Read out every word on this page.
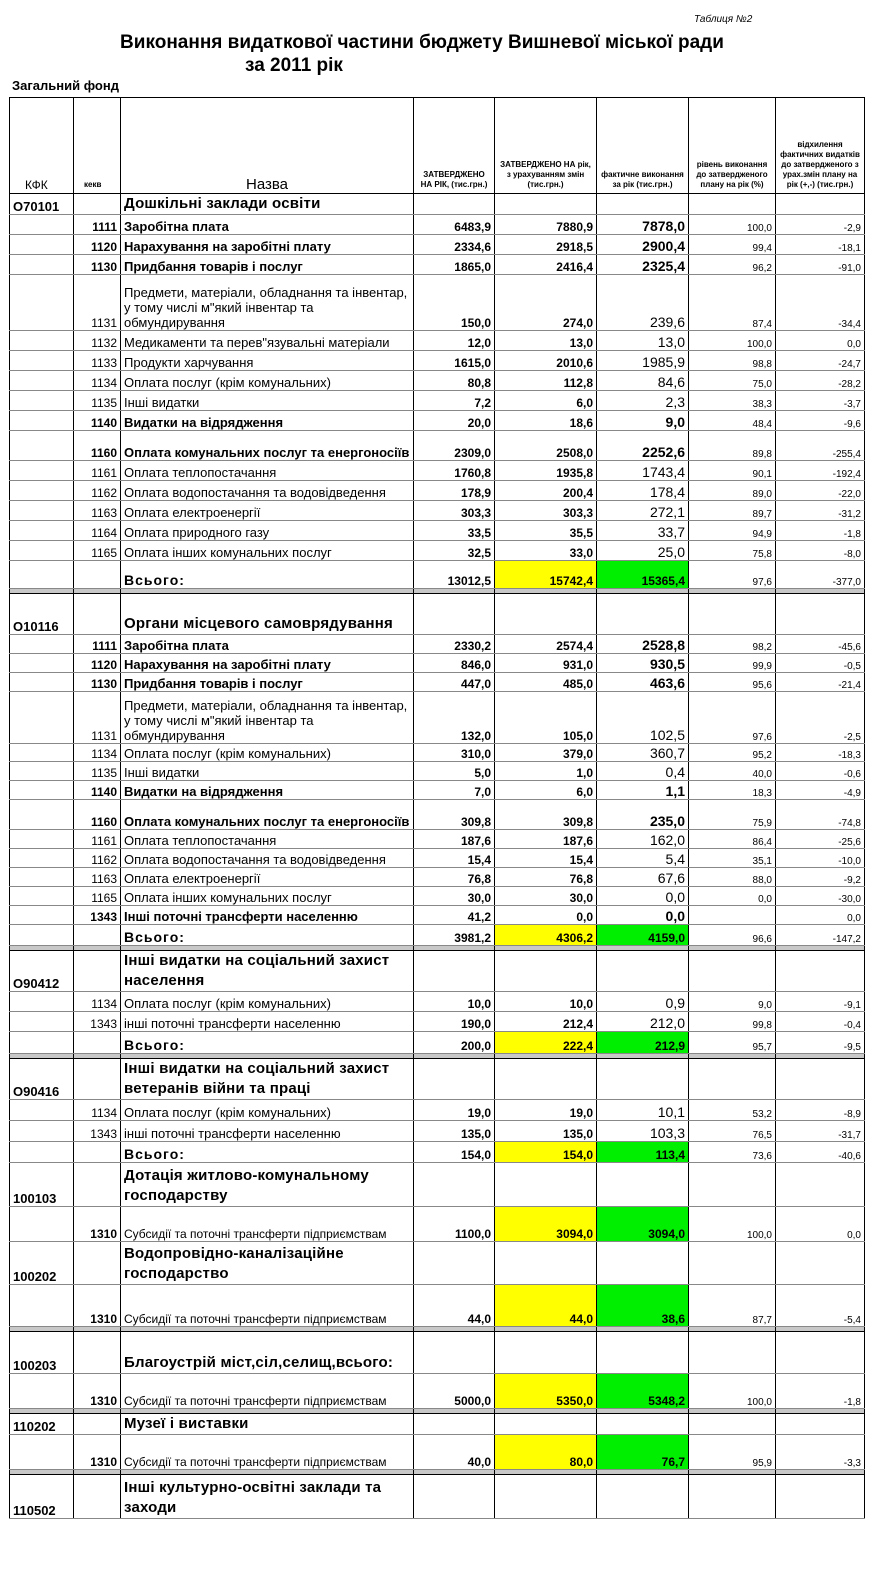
Таблиця №2
Виконання видаткової частини бюджету Вишневої міської ради
за 2011 рік
Загальний фонд
КФК	кекв	Назва	ЗАТВЕРДЖЕНО НА РІК, (тис.грн.)	ЗАТВЕРДЖЕНО НА рік, з урахуванням змін (тис.грн.)	фактичне виконання за рік (тис.грн.)	рівень виконання до затвердженого плану на рік (%)	відхилення фактичних видатків до затвердженого з урах.змін плану на рік (+,-) (тис.грн.)
О70101		Дошкільні заклади освіти					
	1111	Заробітна плата	6483,9	7880,9	7878,0	100,0	-2,9
	1120	Нарахування на заробітні плату	2334,6	2918,5	2900,4	99,4	-18,1
	1130	Придбання товарів і послуг	1865,0	2416,4	2325,4	96,2	-91,0
	1131	Предмети, матеріали, обладнання та інвентар, у тому числі м"який інвентар та обмундирування	150,0	274,0	239,6	87,4	-34,4
	1132	Медикаменти та перев"язувальні матеріали	12,0	13,0	13,0	100,0	0,0
	1133	Продукти харчування	1615,0	2010,6	1985,9	98,8	-24,7
	1134	Оплата послуг (крім комунальних)	80,8	112,8	84,6	75,0	-28,2
	1135	Інші видатки	7,2	6,0	2,3	38,3	-3,7
	1140	Видатки на відрядження	20,0	18,6	9,0	48,4	-9,6
	1160	Оплата комунальних послуг та енергоносіїв	2309,0	2508,0	2252,6	89,8	-255,4
	1161	Оплата теплопостачання	1760,8	1935,8	1743,4	90,1	-192,4
	1162	Оплата водопостачання та водовідведення	178,9	200,4	178,4	89,0	-22,0
	1163	Оплата електроенергії	303,3	303,3	272,1	89,7	-31,2
	1164	Оплата природного газу	33,5	35,5	33,7	94,9	-1,8
	1165	Оплата інших комунальних послуг	32,5	33,0	25,0	75,8	-8,0
		Всього:	13012,5	15742,4	15365,4	97,6	-377,0

О10116		Органи місцевого самоврядування					
	1111	Заробітна плата	2330,2	2574,4	2528,8	98,2	-45,6
	1120	Нарахування на заробітні плату	846,0	931,0	930,5	99,9	-0,5
	1130	Придбання товарів і послуг	447,0	485,0	463,6	95,6	-21,4
	1131	Предмети, матеріали, обладнання та інвентар, у тому числі м"який інвентар та обмундирування	132,0	105,0	102,5	97,6	-2,5
	1134	Оплата послуг (крім комунальних)	310,0	379,0	360,7	95,2	-18,3
	1135	Інші видатки	5,0	1,0	0,4	40,0	-0,6
	1140	Видатки на відрядження	7,0	6,0	1,1	18,3	-4,9
	1160	Оплата комунальних послуг та енергоносіїв	309,8	309,8	235,0	75,9	-74,8
	1161	Оплата теплопостачання	187,6	187,6	162,0	86,4	-25,6
	1162	Оплата водопостачання та водовідведення	15,4	15,4	5,4	35,1	-10,0
	1163	Оплата електроенергії	76,8	76,8	67,6	88,0	-9,2
	1165	Оплата інших комунальних послуг	30,0	30,0	0,0	0,0	-30,0
	1343	Інші поточні трансферти населенню	41,2	0,0	0,0		0,0
		Всього:	3981,2	4306,2	4159,0	96,6	-147,2

О90412		Інші видатки на соціальний захист населення					
	1134	Оплата послуг (крім комунальних)	10,0	10,0	0,9	9,0	-9,1
	1343	інші поточні трансферти населенню	190,0	212,4	212,0	99,8	-0,4
		Всього:	200,0	222,4	212,9	95,7	-9,5

О90416		Інші видатки на соціальний захист ветеранів війни та праці					
	1134	Оплата послуг (крім комунальних)	19,0	19,0	10,1	53,2	-8,9
	1343	інші поточні трансферти населенню	135,0	135,0	103,3	76,5	-31,7
		Всього:	154,0	154,0	113,4	73,6	-40,6
100103		Дотація житлово-комунальному господарству					
	1310	Субсидії та поточні трансферти підприємствам	1100,0	3094,0	3094,0	100,0	0,0
100202		Водопровідно-каналізаційне господарство					
	1310	Субсидії та поточні трансферти підприємствам	44,0	44,0	38,6	87,7	-5,4

100203		Благоустрій міст,сіл,селищ,всього:					
	1310	Субсидії та поточні трансферти підприємствам	5000,0	5350,0	5348,2	100,0	-1,8

110202		Музеї і виставки					
	1310	Субсидії та поточні трансферти підприємствам	40,0	80,0	76,7	95,9	-3,3

110502		Інші культурно-освітні заклади та заходи					
